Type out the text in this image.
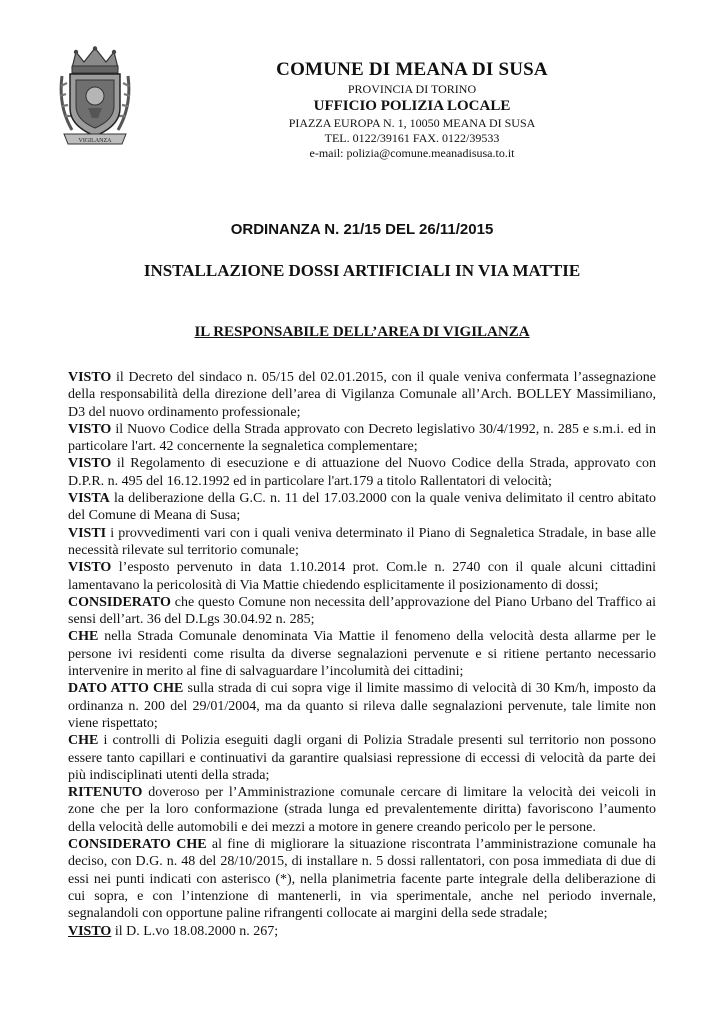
VIGILANZA
COMUNE DI MEANA DI SUSA
PROVINCIA DI TORINO
UFFICIO POLIZIA LOCALE
PIAZZA EUROPA N. 1, 10050 MEANA DI SUSA
TEL. 0122/39161 FAX. 0122/39533
e-mail: polizia@comune.meanadisusa.to.it
ORDINANZA N. 21/15 DEL 26/11/2015
INSTALLAZIONE DOSSI ARTIFICIALI IN VIA MATTIE
IL RESPONSABILE DELL’AREA DI VIGILANZA

VISTO il Decreto del sindaco n. 05/15 del 02.01.2015, con il quale veniva confermata l’assegnazione della responsabilità della direzione dell’area di Vigilanza Comunale all’Arch. BOLLEY Massimiliano, D3 del nuovo ordinamento professionale;

VISTO il Nuovo Codice della Strada approvato con Decreto legislativo 30/4/1992, n. 285 e s.m.i. ed in particolare l'art. 42 concernente la segnaletica complementare;

VISTO il Regolamento di esecuzione e di attuazione del Nuovo Codice della Strada, approvato con D.P.R. n. 495 del 16.12.1992 ed in particolare l'art.179 a titolo Rallentatori di velocità;

VISTA la deliberazione della G.C. n. 11 del 17.03.2000 con la quale veniva delimitato il centro abitato del Comune di Meana di Susa;

VISTI i provvedimenti vari con i quali veniva determinato il Piano di Segnaletica Stradale, in base alle necessità rilevate sul territorio comunale;

VISTO l’esposto pervenuto in data 1.10.2014 prot. Com.le n. 2740 con il quale alcuni cittadini lamentavano la pericolosità di Via Mattie chiedendo esplicitamente il posizionamento di dossi;

CONSIDERATO che questo Comune non necessita dell’approvazione del Piano Urbano del Traffico ai sensi dell’art. 36 del D.Lgs 30.04.92 n. 285;

CHE nella Strada Comunale denominata Via Mattie il fenomeno della velocità desta allarme per le persone ivi residenti come risulta da diverse segnalazioni pervenute e si ritiene pertanto necessario intervenire in merito al fine di salvaguardare l’incolumità dei cittadini;

DATO ATTO CHE sulla strada di cui sopra vige il limite massimo di velocità di 30 Km/h, imposto da ordinanza n. 200 del 29/01/2004, ma da quanto si rileva dalle segnalazioni pervenute, tale limite non viene rispettato;

CHE i controlli di Polizia eseguiti dagli organi di Polizia Stradale presenti sul territorio non possono essere tanto capillari e continuativi da garantire qualsiasi repressione di eccessi di velocità da parte dei più indisciplinati utenti della strada;

RITENUTO doveroso per l’Amministrazione comunale cercare di limitare la velocità dei veicoli in zone che per la loro conformazione (strada lunga ed prevalentemente diritta) favoriscono l’aumento della velocità delle automobili e dei mezzi a motore in genere creando pericolo per le persone.

CONSIDERATO CHE al fine di migliorare la situazione riscontrata l’amministrazione comunale ha deciso, con D.G. n. 48 del 28/10/2015, di installare n. 5 dossi rallentatori, con posa immediata di due di essi nei punti indicati con asterisco (*), nella planimetria facente parte integrale della deliberazione di cui sopra, e con l’intenzione di mantenerli, in via sperimentale, anche nel periodo invernale, segnalandoli con opportune paline rifrangenti collocate ai margini della sede stradale;

VISTO il D. L.vo 18.08.2000 n. 267;
